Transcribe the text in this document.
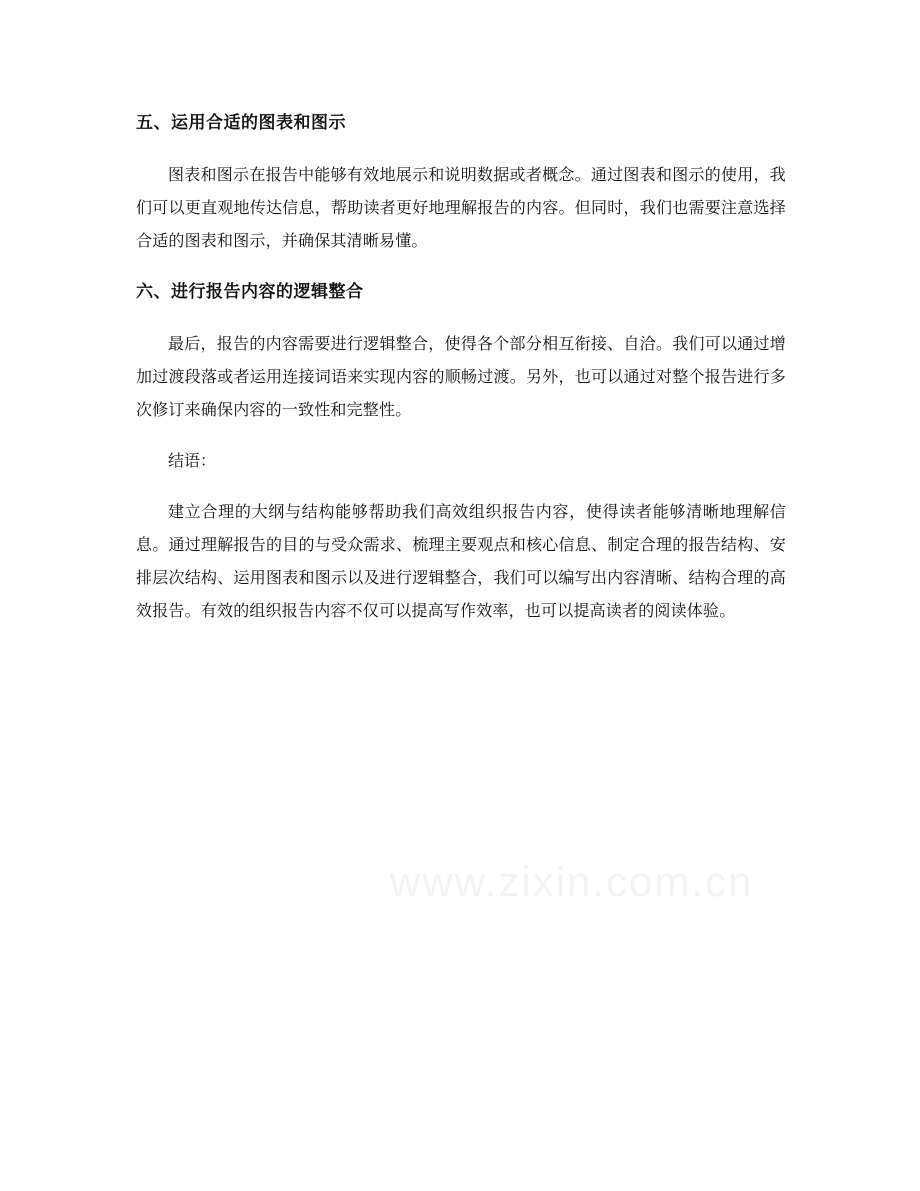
五、运用合适的图表和图示

图表和图示在报告中能够有效地展示和说明数据或者概念。通过图表和图示的使用，我们可以更直观地传达信息，帮助读者更好地理解报告的内容。但同时，我们也需要注意选择合适的图表和图示，并确保其清晰易懂。

六、进行报告内容的逻辑整合

最后，报告的内容需要进行逻辑整合，使得各个部分相互衔接、自洽。我们可以通过增加过渡段落或者运用连接词语来实现内容的顺畅过渡。另外，也可以通过对整个报告进行多次修订来确保内容的一致性和完整性。

结语：

建立合理的大纲与结构能够帮助我们高效组织报告内容，使得读者能够清晰地理解信息。通过理解报告的目的与受众需求、梳理主要观点和核心信息、制定合理的报告结构、安排层次结构、运用图表和图示以及进行逻辑整合，我们可以编写出内容清晰、结构合理的高效报告。有效的组织报告内容不仅可以提高写作效率，也可以提高读者的阅读体验。

www.zixin.com.cn
